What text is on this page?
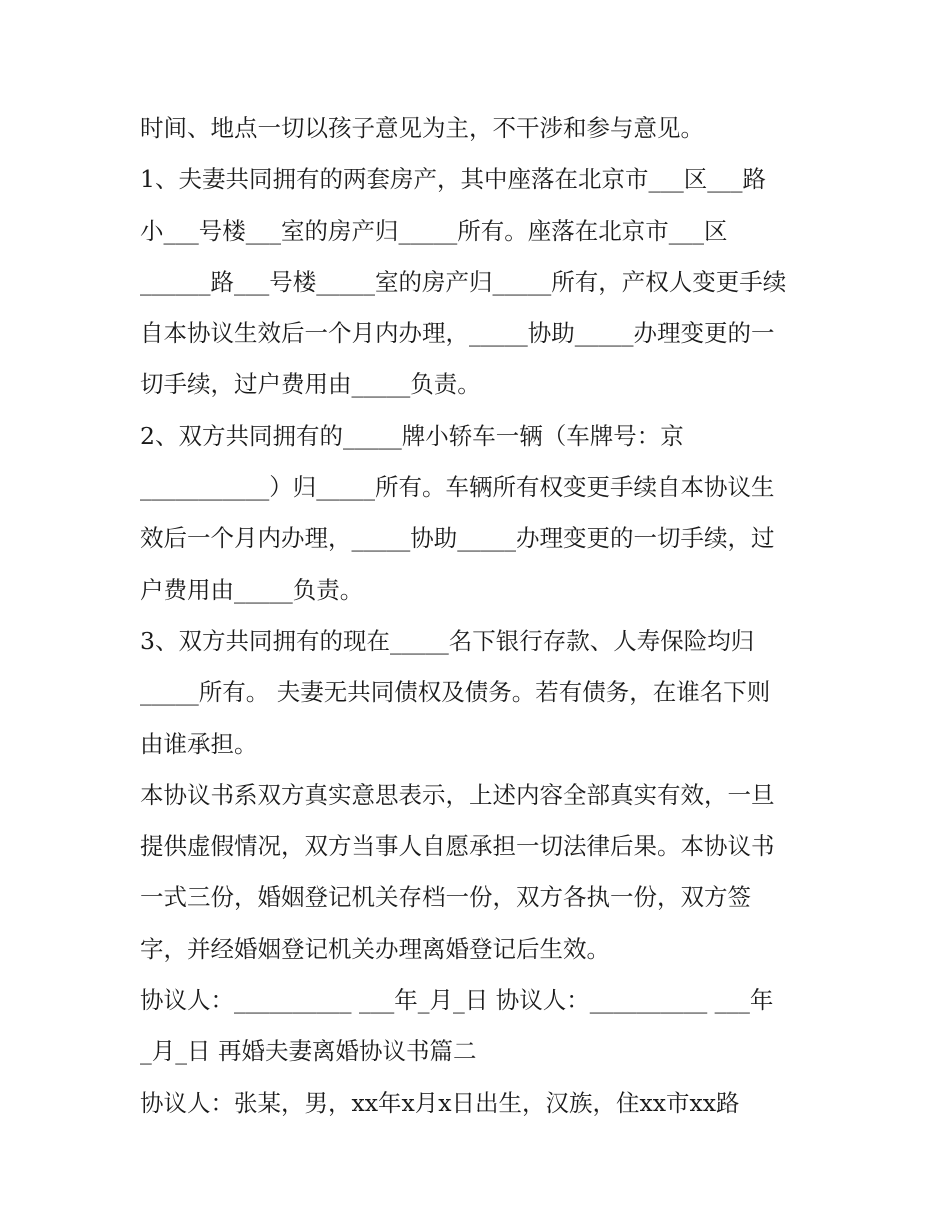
时间、地点一切以孩子意见为主，不干涉和参与意见。
1、夫妻共同拥有的两套房产，其中座落在北京市___区___路
小___号楼___室的房产归_____所有。座落在北京市___区
______路___号楼_____室的房产归_____所有，产权人变更手续
自本协议生效后一个月内办理，_____协助_____办理变更的一
切手续，过户费用由_____负责。
2、双方共同拥有的_____牌小轿车一辆（车牌号：京
___________）归_____所有。车辆所有权变更手续自本协议生
效后一个月内办理，_____协助_____办理变更的一切手续，过
户费用由_____负责。
3、双方共同拥有的现在_____名下银行存款、人寿保险均归
_____所有。 夫妻无共同债权及债务。若有债务，在谁名下则
由谁承担。
本协议书系双方真实意思表示，上述内容全部真实有效，一旦
提供虚假情况，双方当事人自愿承担一切法律后果。本协议书
一式三份，婚姻登记机关存档一份，双方各执一份，双方签
字，并经婚姻登记机关办理离婚登记后生效。
协议人：__________ ___年_月_日 协议人：__________ ___年
_月_日 再婚夫妻离婚协议书篇二
协议人：张某，男，xx年x月x日出生，汉族，住xx市xx路
